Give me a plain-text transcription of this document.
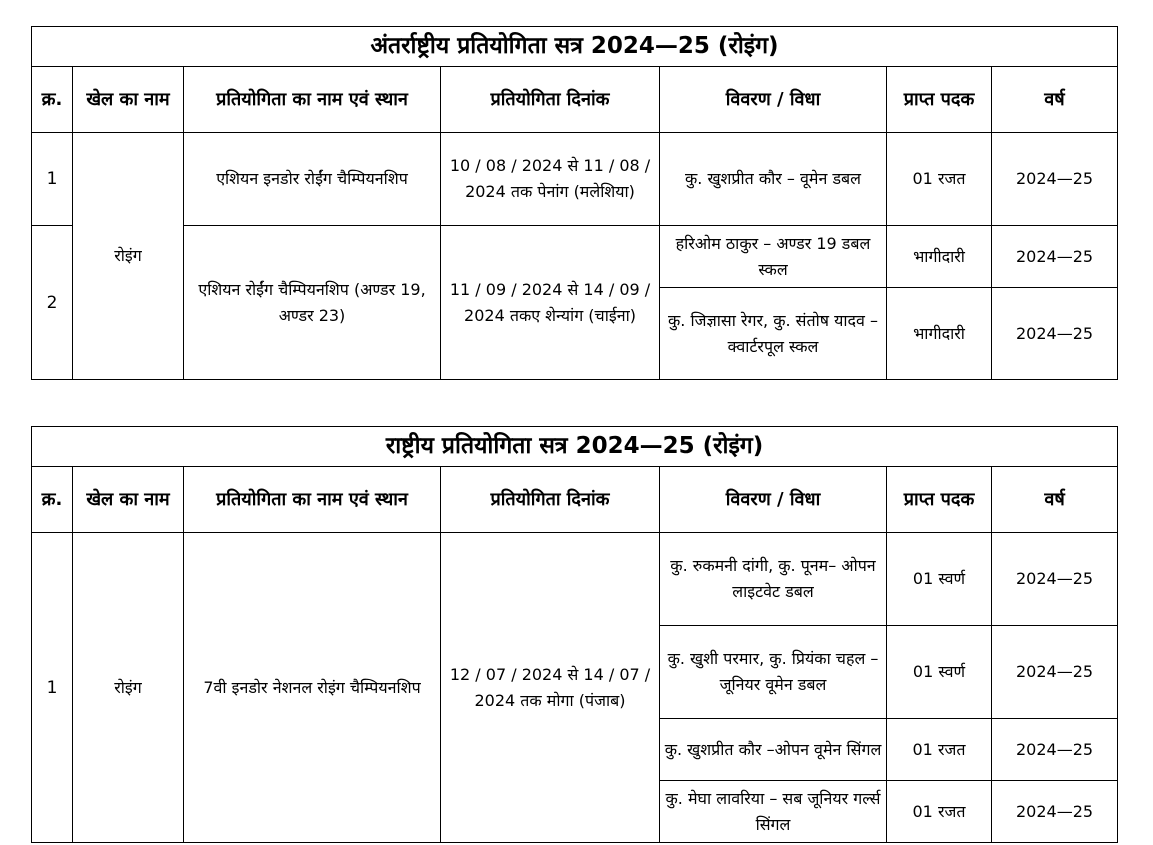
अंतर्राष्ट्रीय प्रतियोगिता सत्र 2024—25 (रोइंग)						
क्र.	खेल का नाम	प्रतियोगिता का नाम एवं स्थान	प्रतियोगिता दिनांक	विवरण / विधा	प्राप्त पदक	वर्ष
1	रोइंग	एशियन इनडोर रोईंग चैम्पियनशिप	10 / 08 / 2024 से 11 / 08 / 2024 तक पेनांग (मलेशिया)	कु. खुशप्रीत कौर – वूमेन डबल	01 रजत	2024—25
2		एशियन रोईंग चैम्पियनशिप (अण्डर 19, अण्डर 23)	11 / 09 / 2024 से 14 / 09 / 2024 तकए शेन्यांग (चाईना)	हरिओम ठाकुर – अण्डर 19 डबल स्कल	भागीदारी	2024—25
				कु. जिज्ञासा रेगर, कु. संतोष यादव – क्वार्टरपूल स्कल	भागीदारी	2024—25
राष्ट्रीय प्रतियोगिता सत्र 2024—25 (रोइंग)						
क्र.	खेल का नाम	प्रतियोगिता का नाम एवं स्थान	प्रतियोगिता दिनांक	विवरण / विधा	प्राप्त पदक	वर्ष
1	रोइंग	7वी इनडोर नेशनल रोइंग चैम्पियनशिप	12 / 07 / 2024 से 14 / 07 / 2024 तक मोगा (पंजाब)	कु. रुकमनी दांगी, कु. पूनम– ओपन लाइटवेट डबल	01 स्वर्ण	2024—25
				कु. खुशी परमार, कु. प्रियंका चहल –जूनियर वूमेन डबल	01 स्वर्ण	2024—25
				कु. खुशप्रीत कौर –ओपन वूमेन सिंगल	01 रजत	2024—25
				कु. मेघा लावरिया – सब जूनियर गर्ल्स सिंगल	01 रजत	2024—25
